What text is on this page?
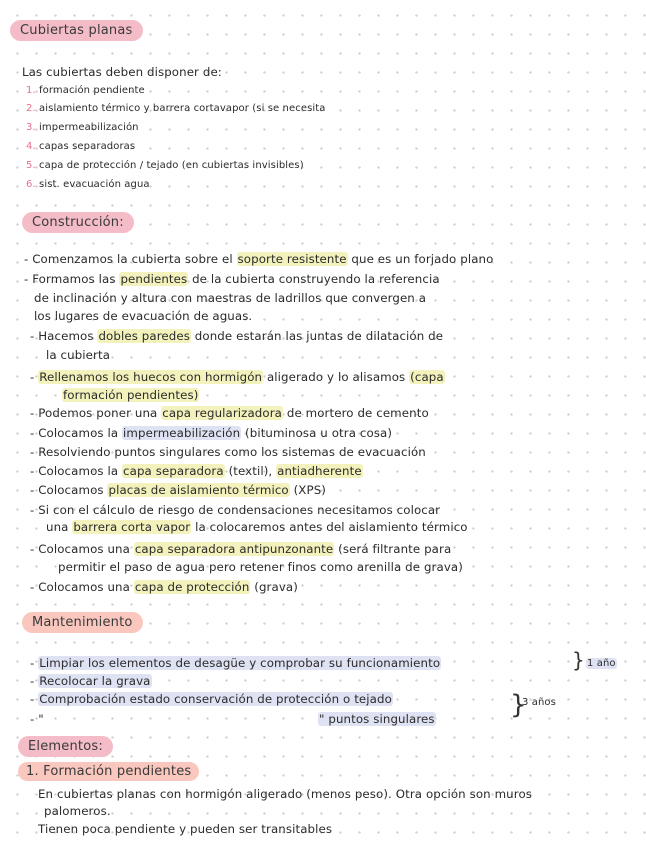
Cubiertas planas
Las cubiertas deben disponer de:
1. formación pendiente
2. aislamiento térmico y barrera cortavapor (si se necesita
3. impermeabilización
4. capas separadoras
5. capa de protección / tejado (en cubiertas invisibles)
6. sist. evacuación agua
Construcción:
- Comenzamos la cubierta sobre el soporte resistente que es un forjado plano
- Formamos las pendientes de la cubierta construyendo la referencia
de inclinación y altura con maestras de ladrillos que convergen a
los lugares de evacuación de aguas.
- Hacemos dobles paredes donde estarán las juntas de dilatación de
la cubierta
- Rellenamos los huecos con hormigón aligerado y lo alisamos (capa
formación pendientes)
- Podemos poner una capa regularizadora de mortero de cemento
- Colocamos la impermeabilización (bituminosa u otra cosa)
- Resolviendo puntos singulares como los sistemas de evacuación
- Colocamos la capa separadora (textil), antiadherente
- Colocamos placas de aislamiento térmico (XPS)
- Si con el cálculo de riesgo de condensaciones necesitamos colocar
una barrera corta vapor la colocaremos antes del aislamiento térmico
- Colocamos una capa separadora antipunzonante (será filtrante para
permitir el paso de agua pero retener finos como arenilla de grava)
- Colocamos una capa de protección (grava)
Mantenimiento
- Limpiar los elementos de desagüe y comprobar su funcionamiento	} 1 año
- Recolocar la grava
- Comprobación estado conservación de protección o tejado	}
3 años
- "	" puntos singulares
Elementos:
1. Formación pendientes
En cubiertas planas con hormigón aligerado (menos peso). Otra opción son muros
palomeros.
Tienen poca pendiente y pueden ser transitables
